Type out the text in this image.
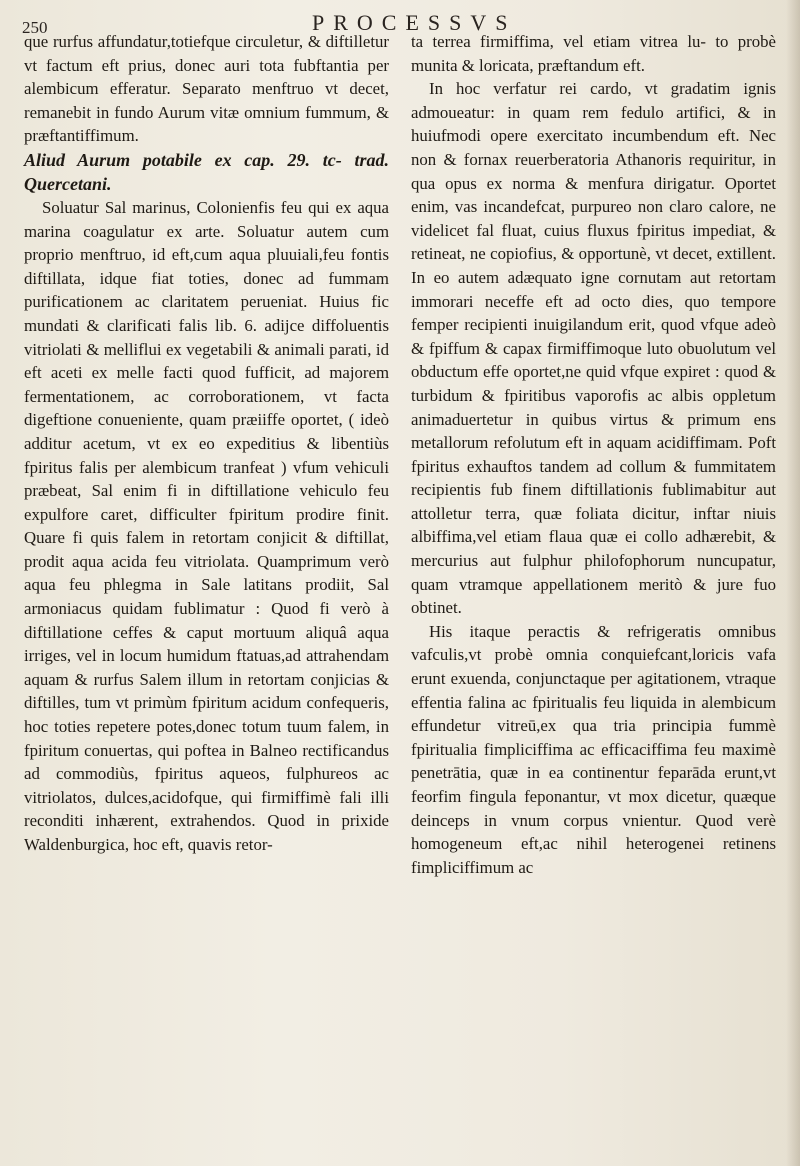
250	PROCESSVS

que rurfus affundatur,totiefque circuletur, & diftilletur vt factum eft prius, donec auri tota fubftantia per alembicum efferatur. Separato menftruo vt decet, remanebit in fundo Aurum vitæ omnium fummum, & præftantiffimum.

Aliud Aurum potabile ex cap. 29. tc- trad. Quercetani.

Soluatur Sal marinus, Colonienfis feu qui ex aqua marina coagulatur ex arte. Soluatur autem cum proprio menftruo, id eft,cum aqua pluuiali,feu fontis diftillata, idque fiat toties, donec ad fummam purificationem ac claritatem perueniat. Huius fic mundati & clarificati falis lib. 6. adijce diffoluentis vitriolati & melliflui ex vegetabili & animali parati, id eft aceti ex melle facti quod fufficit, ad majorem fermentationem, ac corroborationem, vt facta digeftione conueniente, quam præiiffe oportet, ( ideò additur acetum, vt ex eo expeditius & libentiùs fpiritus falis per alembicum tranfeat ) vfum vehiculi præbeat, Sal enim fi in diftillatione vehiculo feu expulfore caret, difficulter fpiritum prodire finit. Quare fi quis falem in retortam conjicit & diftillat, prodit aqua acida feu vitriolata. Quamprimum verò aqua feu phlegma in Sale latitans prodiit, Sal armoniacus quidam fublimatur : Quod fi verò à diftillatione ceffes & caput mortuum aliquâ aqua irriges, vel in locum humidum ftatuas,ad attrahendam aquam & rurfus Salem illum in retortam conjicias & diftilles, tum vt primùm fpiritum acidum confequeris, hoc toties repetere potes,donec totum tuum falem, in fpiritum conuertas, qui poftea in Balneo rectificandus ad commodiùs, fpiritus aqueos, fulphureos ac vitriolatos, dulces,acidofque, qui firmiffimè fali illi reconditi inhærent, extrahendos. Quod in prixide Waldenburgica, hoc eft, quavis retor-

ta terrea firmiffima, vel etiam vitrea lu- to probè munita & loricata, præftandum eft.

In hoc verfatur rei cardo, vt gradatim ignis admoueatur: in quam rem fedulo artifici, & in huiufmodi opere exercitato incumbendum eft. Nec non & fornax reuerberatoria Athanoris requiritur, in qua opus ex norma & menfura dirigatur. Oportet enim, vas incandefcat, purpureo non claro calore, ne videlicet fal fluat, cuius fluxus fpiritus impediat, & retineat, ne copiofius, & opportunè, vt decet, extillent. In eo autem adæquato igne cornutam aut retortam immorari neceffe eft ad octo dies, quo tempore femper recipienti inuigilandum erit, quod vfque adeò & fpiffum & capax firmiffimoque luto obuolutum vel obductum effe oportet,ne quid vfque expiret : quod & turbidum & fpiritibus vaporofis ac albis oppletum animaduertetur in quibus virtus & primum ens metallorum refolutum eft in aquam acidiffimam. Poft fpiritus exhauftos tandem ad collum & fummitatem recipientis fub finem diftillationis fublimabitur aut attolletur terra, quæ foliata dicitur, inftar niuis albiffima,vel etiam flaua quæ ei collo adhærebit, & mercurius aut fulphur philofophorum nuncupatur, quam vtramque appellationem meritò & jure fuo obtinet.

His itaque peractis & refrigeratis omnibus vafculis,vt probè omnia conquiefcant,loricis vafa erunt exuenda, conjunctaque per agitationem, vtraque effentia falina ac fpiritualis feu liquida in alembicum effundetur vitreū,ex qua tria principia fummè fpiritualia fimpliciffima ac efficaciffima feu maximè penetrātia, quæ in ea continentur feparāda erunt,vt feorfim fingula feponantur, vt mox dicetur, quæque deinceps in vnum corpus vnientur. Quod verè homogeneum eft,ac nihil heterogenei retinens fimpliciffimum ac
